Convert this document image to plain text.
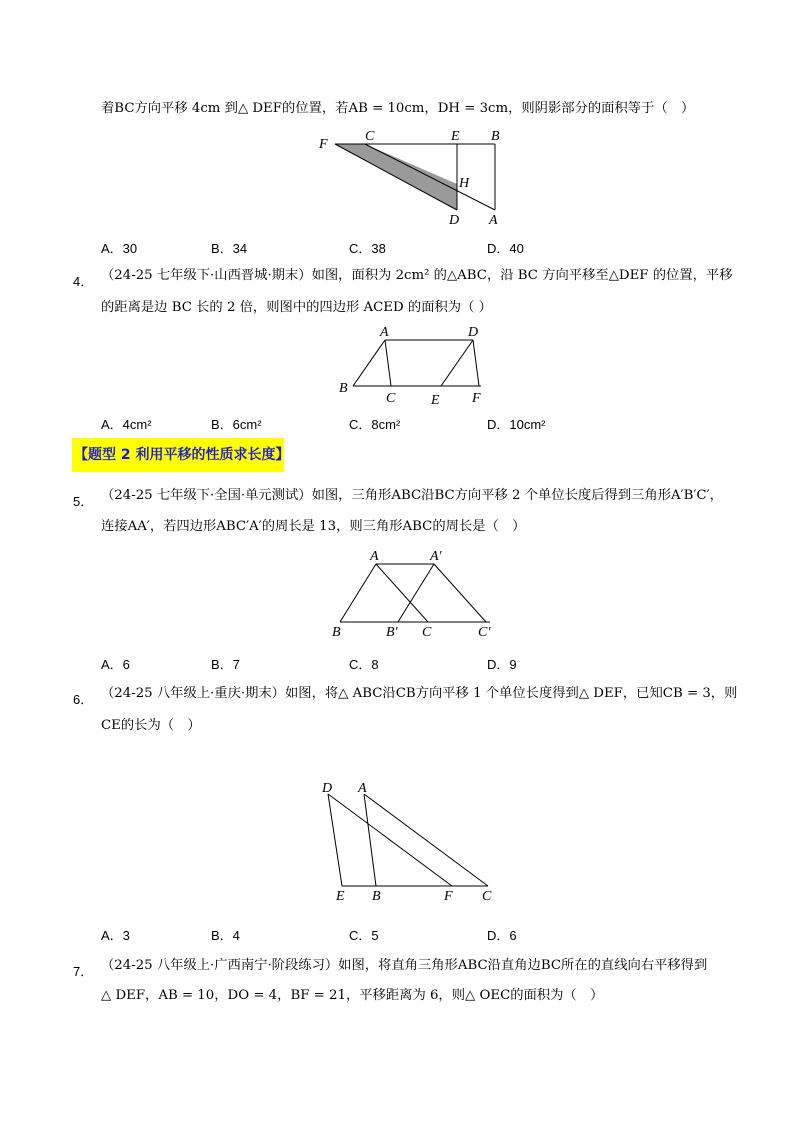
着BC方向平移 4cm 到△ DEF的位置，若AB = 10cm，DH = 3cm，则阴影部分的面积等于（　）
F
C	E B
H
D A
A．30	B．34	C．38	D．40
4． （24-25 七年级下·山西晋城·期末）如图，面积为 2cm² 的△ABC，沿 BC 方向平移至△DEF 的位置，平移
的距离是边 BC 长的 2 倍，则图中的四边形 ACED 的面积为（ ）
A	D
B
C	E F
A．4cm²	B．6cm²	C．8cm²	D．10cm²
【题型 2 利用平移的性质求长度】
5． （24-25 七年级下·全国·单元测试）如图，三角形ABC沿BC方向平移 2 个单位长度后得到三角形A′B′C′，
连接AA′，若四边形ABC′A′的周长是 13，则三角形ABC的周长是（　）
A	A′
B	B′ C	C′
A．6	B．7	C．8	D．9
6． （24-25 八年级上·重庆·期末）如图，将△ ABC沿CB方向平移 1 个单位长度得到△ DEF，已知CB = 3，则
CE的长为（　）
D A
E B	F C
A．3	B．4	C．5	D．6
7． （24-25 八年级上·广西南宁·阶段练习）如图，将直角三角形ABC沿直角边BC所在的直线向右平移得到
△ DEF，AB = 10，DO = 4，BF = 21，平移距离为 6，则△ OEC的面积为（　）
